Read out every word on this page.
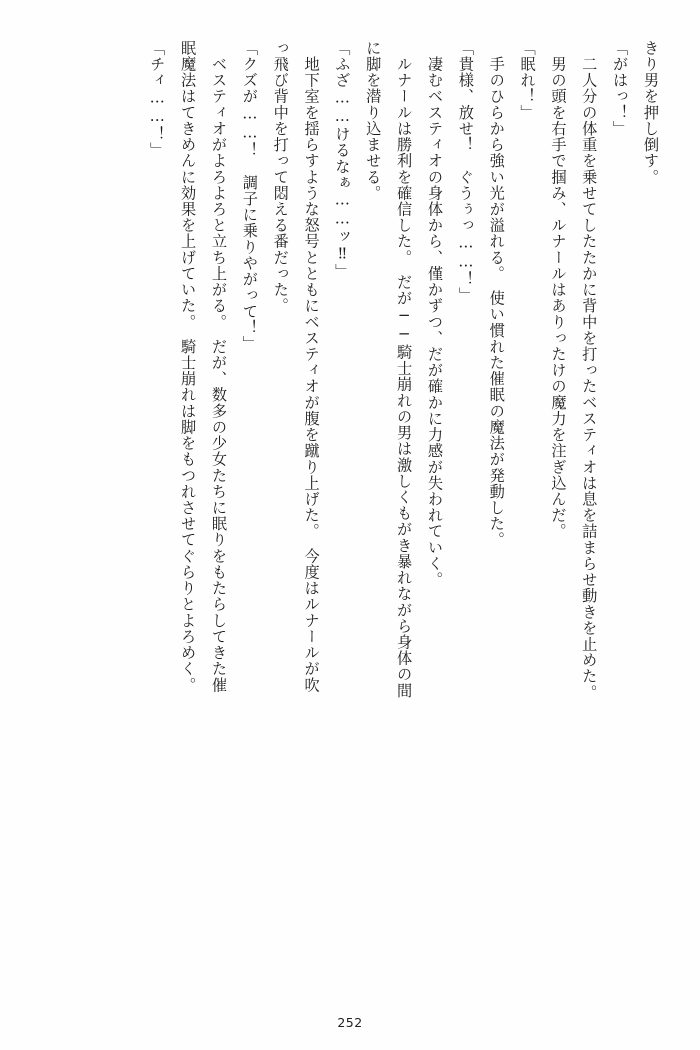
きり男を押し倒す。

「がはっ！」

　二人分の体重を乗せてしたたかに背中を打ったベスティオは息を詰まらせ動きを止めた。

　男の頭を右手で掴み、ルナールはありったけの魔力を注ぎ込んだ。

「眠れ！」

　手のひらから強い光が溢れる。　使い慣れた催眠の魔法が発動した。

「貴様、放せ！　ぐうぅっ……！」

　凄むベスティオの身体から、僅かずつ、だが確かに力感が失われていく。

　ルナールは勝利を確信した。　だが──騎士崩れの男は激しくもがき暴れながら身体の間

に脚を潜り込ませる。

「ふざ……けるなぁ……ッ‼」

　地下室を揺らすような怒号とともにベスティオが腹を蹴り上げた。　今度はルナールが吹

っ飛び背中を打って悶える番だった。

「クズが……！　調子に乗りやがって！」

　ベスティオがよろよろと立ち上がる。　だが、数多の少女たちに眠りをもたらしてきた催

眠魔法はてきめんに効果を上げていた。　騎士崩れは脚をもつれさせてぐらりとよろめく。

「チィ……！」

252
